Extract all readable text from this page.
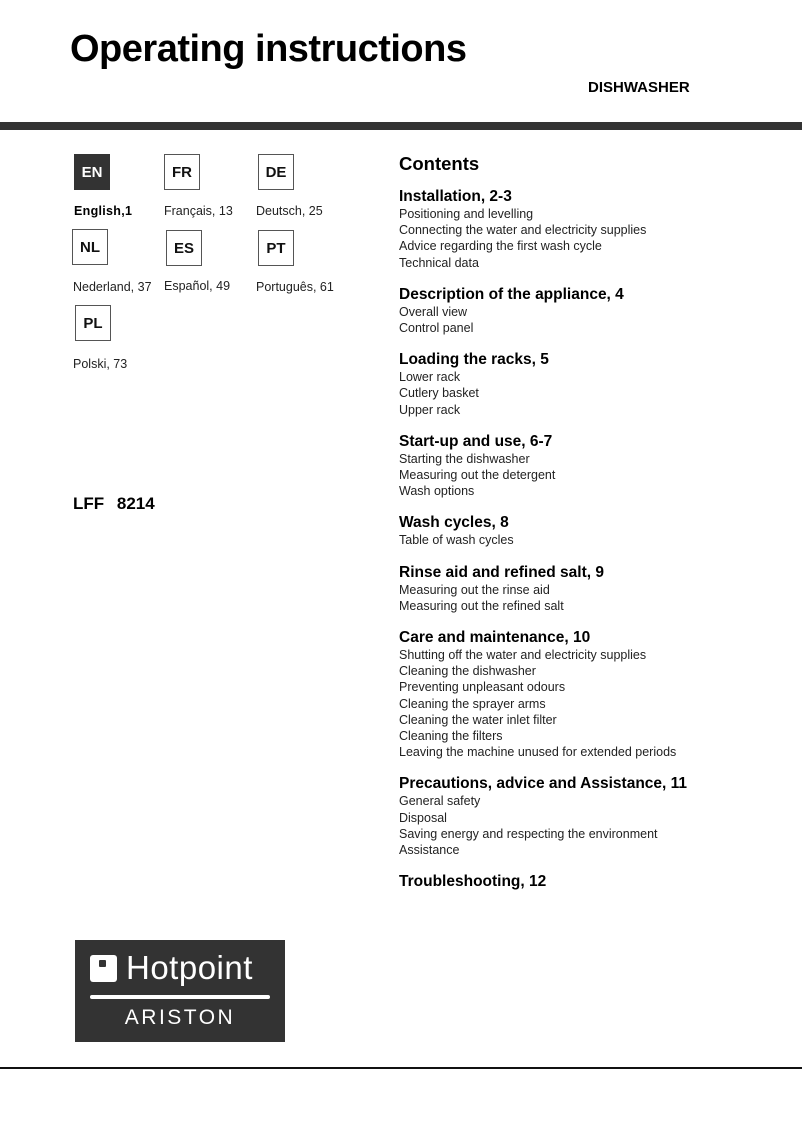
Operating instructions
DISHWASHER
EN
English,1
FR
Français, 13
DE
Deutsch, 25
NL
Nederland, 37
ES
Español, 49
PT
Português, 61
PL
Polski, 73
LFF 8214
Contents
Installation, 2-3
Positioning and levelling
Connecting the water and electricity supplies
Advice regarding the first wash cycle
Technical data
Description of the appliance, 4
Overall view
Control panel
Loading the racks, 5
Lower rack
Cutlery basket
Upper rack
Start-up and use, 6-7
Starting the dishwasher
Measuring out the detergent
Wash options
Wash cycles, 8
Table of wash cycles
Rinse aid and refined salt, 9
Measuring out the rinse aid
Measuring out the refined salt
Care and maintenance, 10
Shutting off the water and electricity supplies
Cleaning the dishwasher
Preventing unpleasant odours
Cleaning the sprayer arms
Cleaning the water inlet filter
Cleaning the filters
Leaving the machine unused for extended periods
Precautions, advice and Assistance, 11
General safety
Disposal
Saving energy and respecting the environment
Assistance
Troubleshooting, 12
Hotpoint
ARISTON
